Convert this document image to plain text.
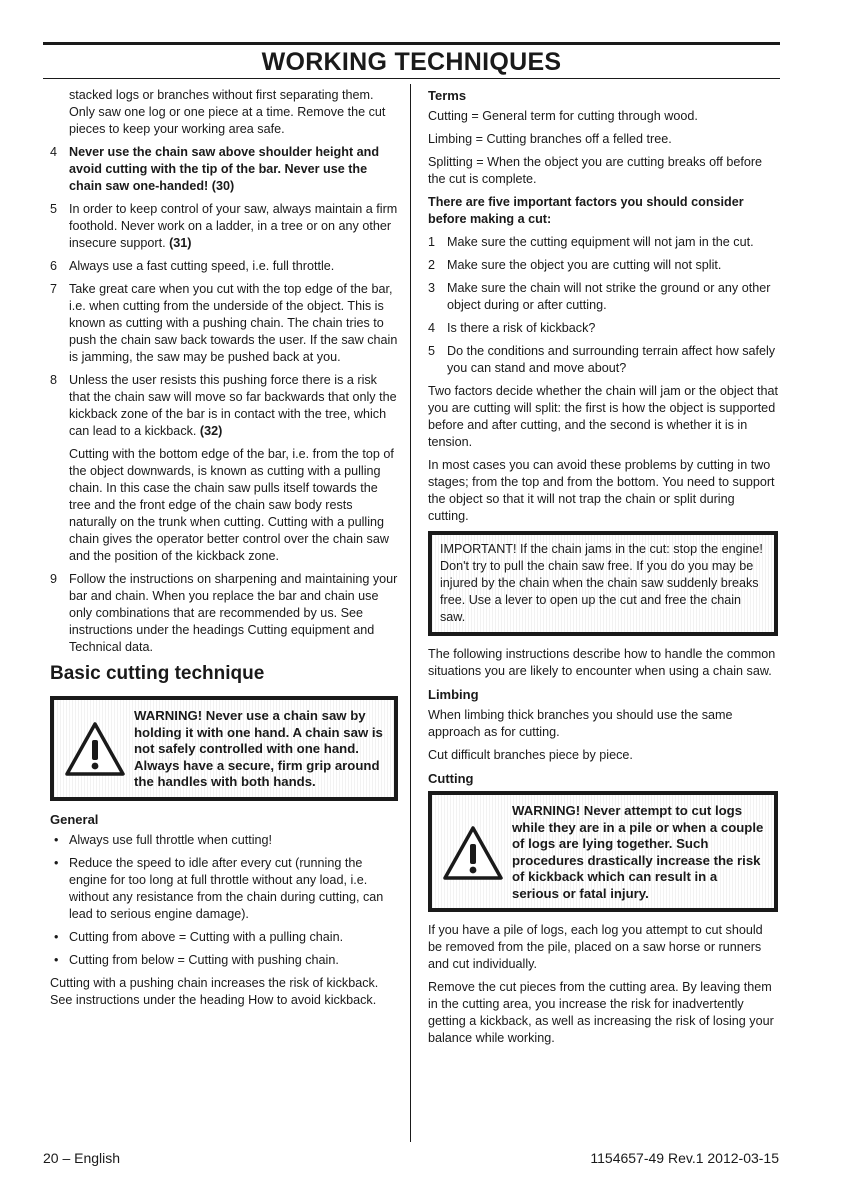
WORKING TECHNIQUES

stacked logs or branches without first separating them. Only saw one log or one piece at a time. Remove the cut pieces to keep your working area safe.

4 Never use the chain saw above shoulder height and avoid cutting with the tip of the bar. Never use the chain saw one-handed! (30)
5 In order to keep control of your saw, always maintain a firm foothold. Never work on a ladder, in a tree or on any other insecure support. (31)
6 Always use a fast cutting speed, i.e. full throttle.
7 Take great care when you cut with the top edge of the bar, i.e. when cutting from the underside of the object. This is known as cutting with a pushing chain. The chain tries to push the chain saw back towards the user. If the saw chain is jamming, the saw may be pushed back at you.
8 Unless the user resists this pushing force there is a risk that the chain saw will move so far backwards that only the kickback zone of the bar is in contact with the tree, which can lead to a kickback. (32)
Cutting with the bottom edge of the bar, i.e. from the top of the object downwards, is known as cutting with a pulling chain. In this case the chain saw pulls itself towards the tree and the front edge of the chain saw body rests naturally on the trunk when cutting. Cutting with a pulling chain gives the operator better control over the chain saw and the position of the kickback zone.
9 Follow the instructions on sharpening and maintaining your bar and chain. When you replace the bar and chain use only combinations that are recommended by us. See instructions under the headings Cutting equipment and Technical data.
Basic cutting technique
WARNING! Never use a chain saw by holding it with one hand. A chain saw is not safely controlled with one hand. Always have a secure, firm grip around the handles with both hands.
General
• Always use full throttle when cutting!
• Reduce the speed to idle after every cut (running the engine for too long at full throttle without any load, i.e. without any resistance from the chain during cutting, can lead to serious engine damage).
• Cutting from above = Cutting with a pulling chain.
• Cutting from below = Cutting with pushing chain.

Cutting with a pushing chain increases the risk of kickback. See instructions under the heading How to avoid kickback.

Terms

Cutting = General term for cutting through wood.

Limbing = Cutting branches off a felled tree.

Splitting = When the object you are cutting breaks off before the cut is complete.

There are five important factors you should consider before making a cut:

1 Make sure the cutting equipment will not jam in the cut.
2 Make sure the object you are cutting will not split.
3 Make sure the chain will not strike the ground or any other object during or after cutting.
4 Is there a risk of kickback?
5 Do the conditions and surrounding terrain affect how safely you can stand and move about?

Two factors decide whether the chain will jam or the object that you are cutting will split: the first is how the object is supported before and after cutting, and the second is whether it is in tension.

In most cases you can avoid these problems by cutting in two stages; from the top and from the bottom. You need to support the object so that it will not trap the chain or split during cutting.

IMPORTANT! If the chain jams in the cut: stop the engine! Don't try to pull the chain saw free. If you do you may be injured by the chain when the chain saw suddenly breaks free. Use a lever to open up the cut and free the chain saw.

The following instructions describe how to handle the common situations you are likely to encounter when using a chain saw.

Limbing

When limbing thick branches you should use the same approach as for cutting.

Cut difficult branches piece by piece.

Cutting
WARNING! Never attempt to cut logs while they are in a pile or when a couple of logs are lying together. Such procedures drastically increase the risk of kickback which can result in a serious or fatal injury.

If you have a pile of logs, each log you attempt to cut should be removed from the pile, placed on a saw horse or runners and cut individually.

Remove the cut pieces from the cutting area. By leaving them in the cutting area, you increase the risk for inadvertently getting a kickback, as well as increasing the risk of losing your balance while working.

20 – English	1154657-49 Rev.1 2012-03-15
